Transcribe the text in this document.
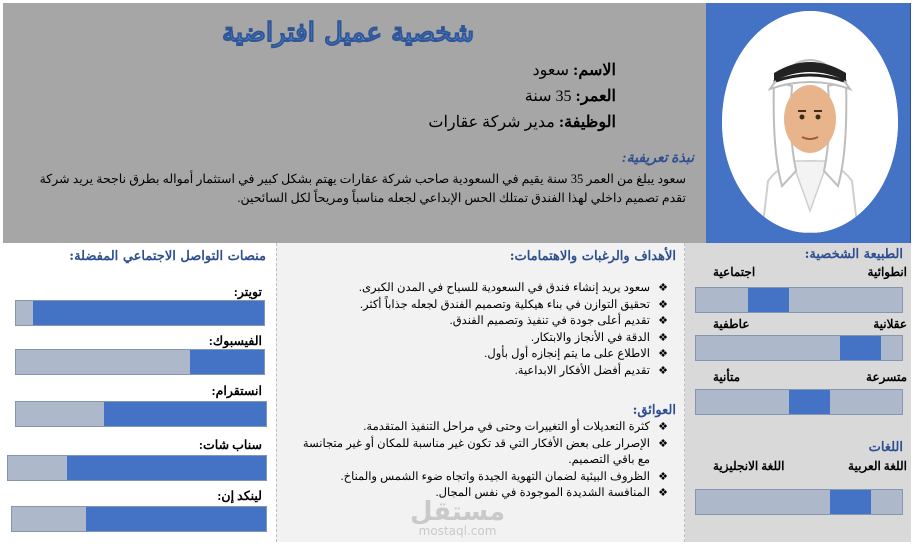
شخصية عميل افتراضية
الاسم: سعود
العمر: 35 سنة
الوظيفة: مدير شركة عقارات
نبذة تعريفية:
سعود يبلغ من العمر 35 سنة يقيم في السعودية صاحب شركة عقارات يهتم بشكل كبير في استثمار أمواله بطرق ناجحة يريد شركة تقدم تصميم داخلي لهذا الفندق تمتلك الحس الإبداعي لجعله مناسباً ومريحاً لكل السائحين.
الطبيعة الشخصية:
انطوائية
اجتماعية
عقلانية
عاطفية
متسرعة
متأنية
اللغات
اللغة العربية
اللغة الانجليزية
الأهداف والرغبات والاهتمامات:
❖ سعود يريد إنشاء فندق في السعودية للسياح في المدن الكبرى.
❖ تحقيق التوازن في بناء هيكلية وتصميم الفندق لجعله جذاباً أكثر.
❖ تقديم أعلى جودة في تنفيذ وتصميم الفندق.
❖ الدقة في الأنجاز والابتكار.
❖ الاطلاع على ما يتم إنجازه أول بأول.
❖ تقديم أفضل الأفكار الابداعية.
العوائق:
❖ كثرة التعديلات أو التغييرات وحتى في مراحل التنفيذ المتقدمة.
❖ الإصرار على بعض الأفكار التي قد تكون غير مناسبة للمكان أو غير متجانسة مع باقي التصميم.
❖ الظروف البيئية لضمان التهوية الجيدة واتجاه ضوء الشمس والمناخ.
❖ المنافسة الشديدة الموجودة في نفس المجال.
منصات التواصل الاجتماعي المفضلة:
تويتر:
الفيسبوك:
انستقرام:
سناب شات:
لينكد إن:
مستقل
mostaql.com
